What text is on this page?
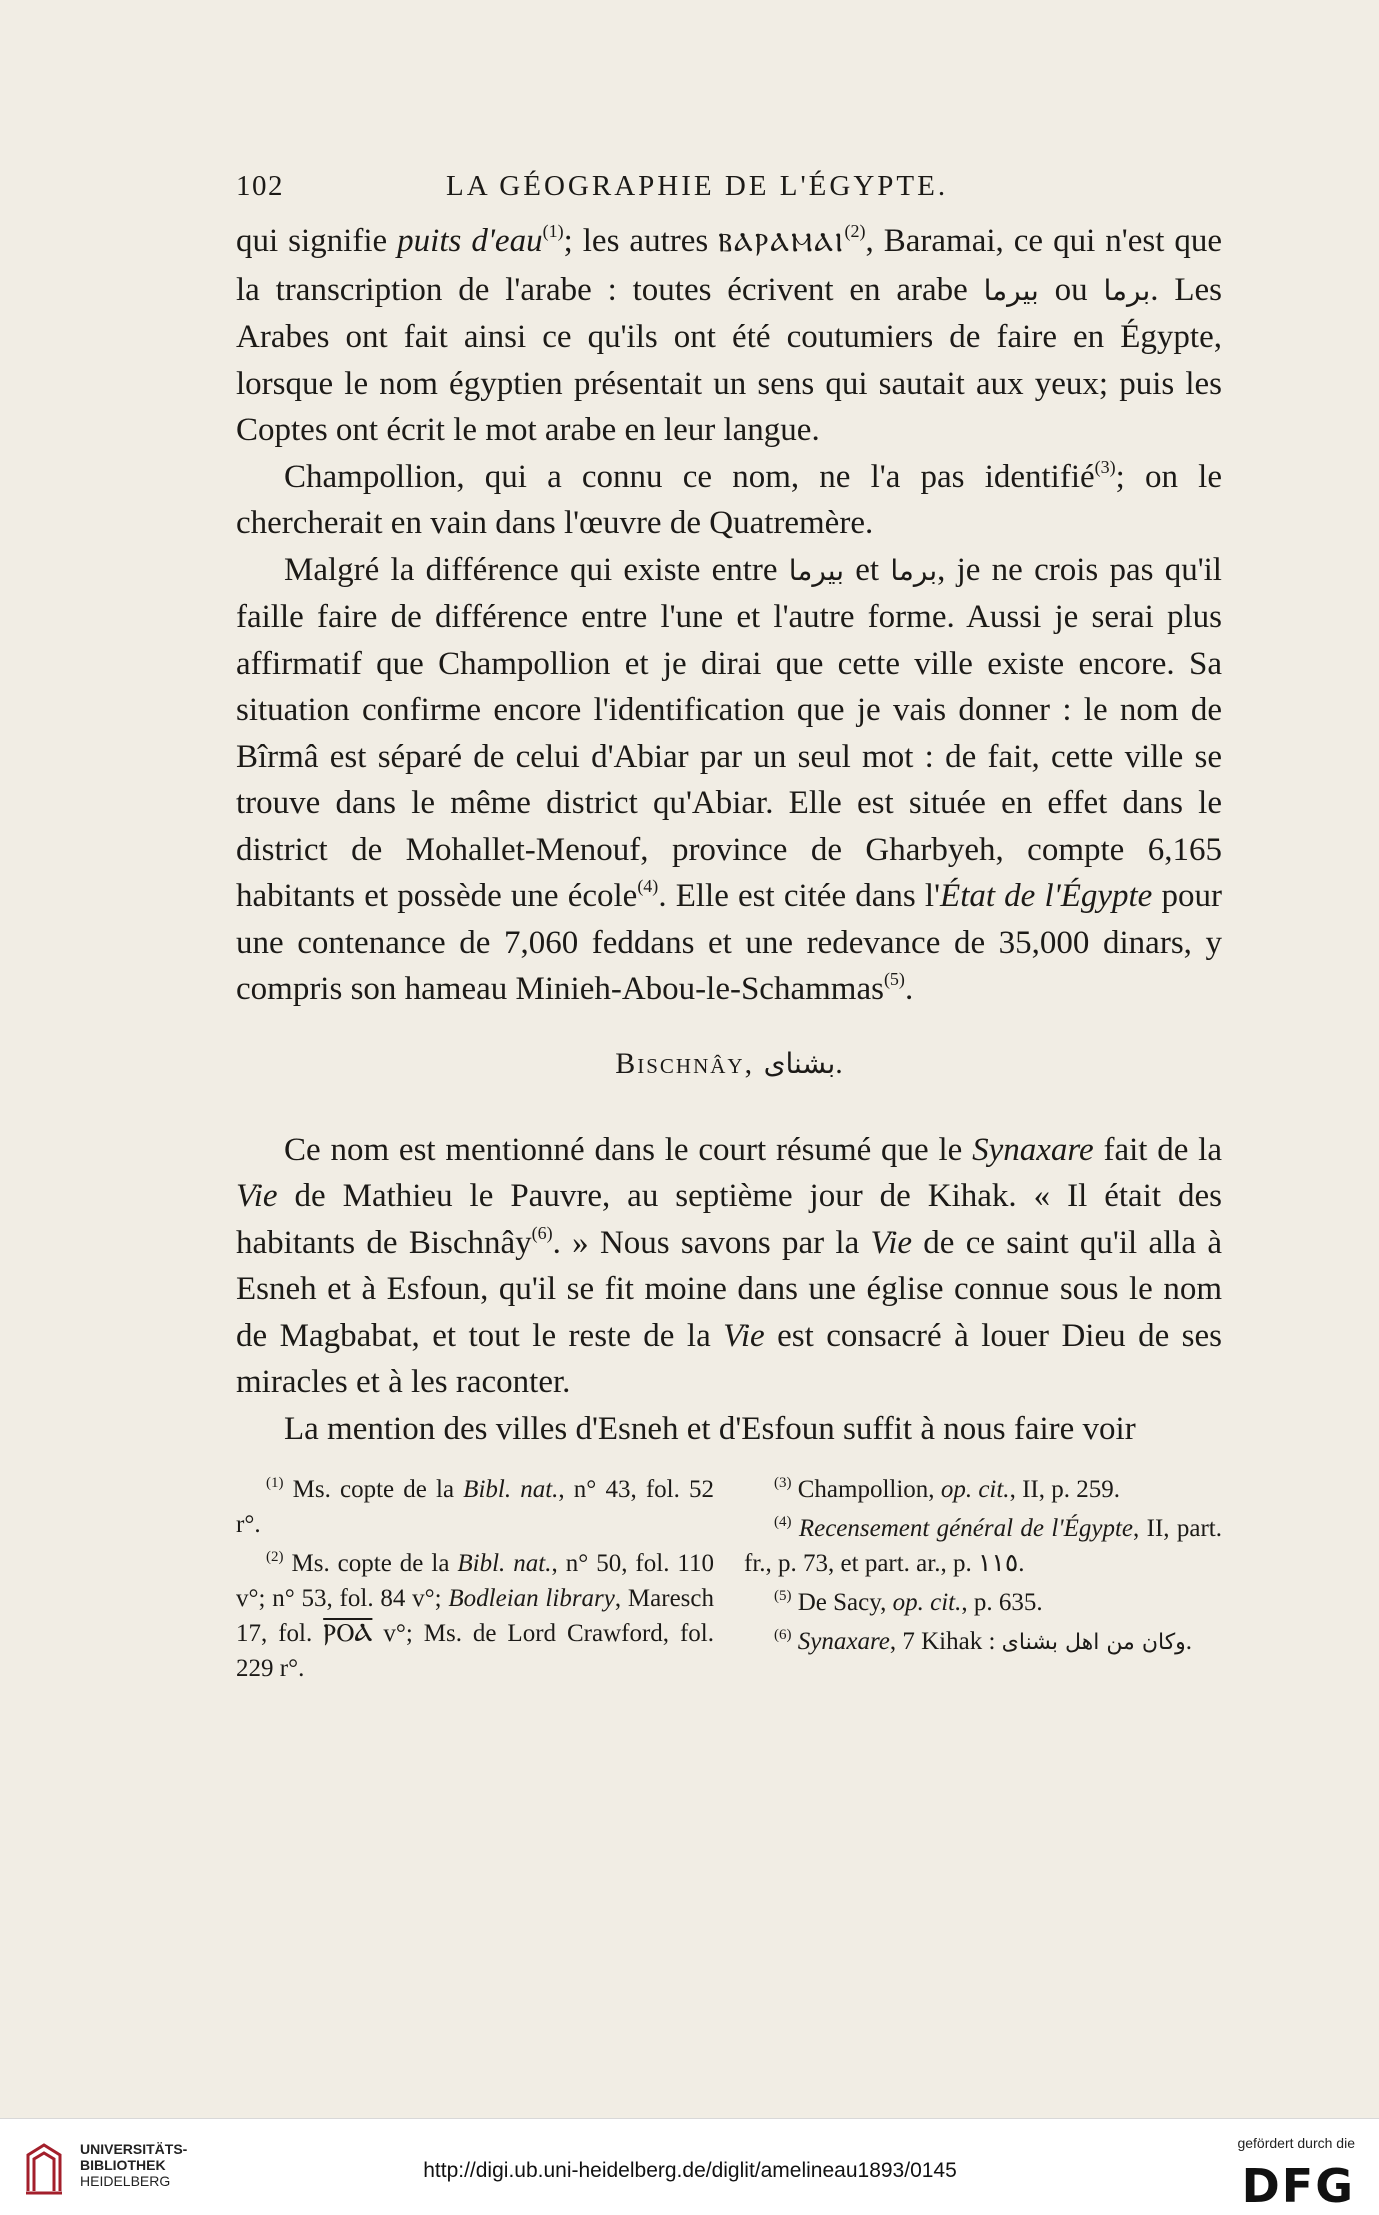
102	LA GÉOGRAPHIE DE L'ÉGYPTE.

qui signifie puits d'eau$^{(1)}$; les autres ⲂⲀⲢⲀⲘⲀⲒ$^{(2)}$, Baramai, ce qui n'est que la transcription de l'arabe : toutes écrivent en arabe بيرما ou برما. Les Arabes ont fait ainsi ce qu'ils ont été coutumiers de faire en Égypte, lorsque le nom égyptien présentait un sens qui sautait aux yeux; puis les Coptes ont écrit le mot arabe en leur langue.

Champollion, qui a connu ce nom, ne l'a pas identifié$^{(3)}$; on le chercherait en vain dans l'œuvre de Quatremère.

Malgré la différence qui existe entre بيرما et برما, je ne crois pas qu'il faille faire de différence entre l'une et l'autre forme. Aussi je serai plus affirmatif que Champollion et je dirai que cette ville existe encore. Sa situation confirme encore l'identification que je vais donner : le nom de Bîrmâ est séparé de celui d'Abiar par un seul mot : de fait, cette ville se trouve dans le même district qu'Abiar. Elle est située en effet dans le district de Mohallet-Menouf, province de Gharbyeh, compte 6,165 habitants et possède une école$^{(4)}$. Elle est citée dans l'État de l'Égypte pour une contenance de 7,060 feddans et une redevance de 35,000 dinars, y compris son hameau Minieh-Abou-le-Schammas$^{(5)}$.

Bischnây, بشناى.

Ce nom est mentionné dans le court résumé que le Synaxare fait de la Vie de Mathieu le Pauvre, au septième jour de Kihak. « Il était des habitants de Bischnây$^{(6)}$. » Nous savons par la Vie de ce saint qu'il alla à Esneh et à Esfoun, qu'il se fit moine dans une église connue sous le nom de Magbabat, et tout le reste de la Vie est consacré à louer Dieu de ses miracles et à les raconter.

La mention des villes d'Esneh et d'Esfoun suffit à nous faire voir

$^{(1)}$ Ms. copte de la Bibl. nat., n° 43, fol. 52 r°.

$^{(2)}$ Ms. copte de la Bibl. nat., n° 50, fol. 110 v°; n° 53, fol. 84 v°; Bodleian library, Maresch 17, fol. ⲢⲞⲀ v°; Ms. de Lord Crawford, fol. 229 r°.

$^{(3)}$ Champollion, op. cit., II, p. 259.

$^{(4)}$ Recensement général de l'Égypte, II, part. fr., p. 73, et part. ar., p. ١١٥.

$^{(5)}$ De Sacy, op. cit., p. 635.

$^{(6)}$ Synaxare, 7 Kihak : وكان من اهل بشناى.

UNIVERSITÄTS-
BIBLIOTHEK
HEIDELBERG	http://digi.ub.uni-heidelberg.de/diglit/amelineau1893/0145
gefördert durch die
DFG
